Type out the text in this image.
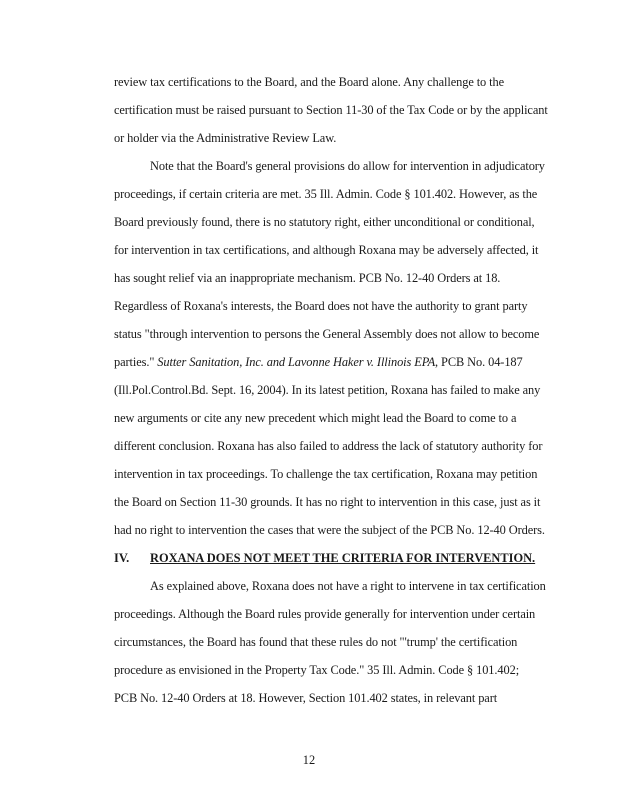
review tax certifications to the Board, and the Board alone. Any challenge to the
certification must be raised pursuant to Section 11-30 of the Tax Code or by the applicant
or holder via the Administrative Review Law.
Note that the Board's general provisions do allow for intervention in adjudicatory
proceedings, if certain criteria are met. 35 Ill. Admin. Code § 101.402. However, as the
Board previously found, there is no statutory right, either unconditional or conditional,
for intervention in tax certifications, and although Roxana may be adversely affected, it
has sought relief via an inappropriate mechanism. PCB No. 12-40 Orders at 18.
Regardless of Roxana's interests, the Board does not have the authority to grant party
status "through intervention to persons the General Assembly does not allow to become
parties." Sutter Sanitation, Inc. and Lavonne Haker v. Illinois EPA, PCB No. 04-187
(Ill.Pol.Control.Bd. Sept. 16, 2004). In its latest petition, Roxana has failed to make any
new arguments or cite any new precedent which might lead the Board to come to a
different conclusion. Roxana has also failed to address the lack of statutory authority for
intervention in tax proceedings. To challenge the tax certification, Roxana may petition
the Board on Section 11-30 grounds. It has no right to intervention in this case, just as it
had no right to intervention the cases that were the subject of the PCB No. 12-40 Orders.
IV. ROXANA DOES NOT MEET THE CRITERIA FOR INTERVENTION.
As explained above, Roxana does not have a right to intervene in tax certification
proceedings. Although the Board rules provide generally for intervention under certain
circumstances, the Board has found that these rules do not "'trump' the certification
procedure as envisioned in the Property Tax Code." 35 Ill. Admin. Code § 101.402;
PCB No. 12-40 Orders at 18. However, Section 101.402 states, in relevant part
12
